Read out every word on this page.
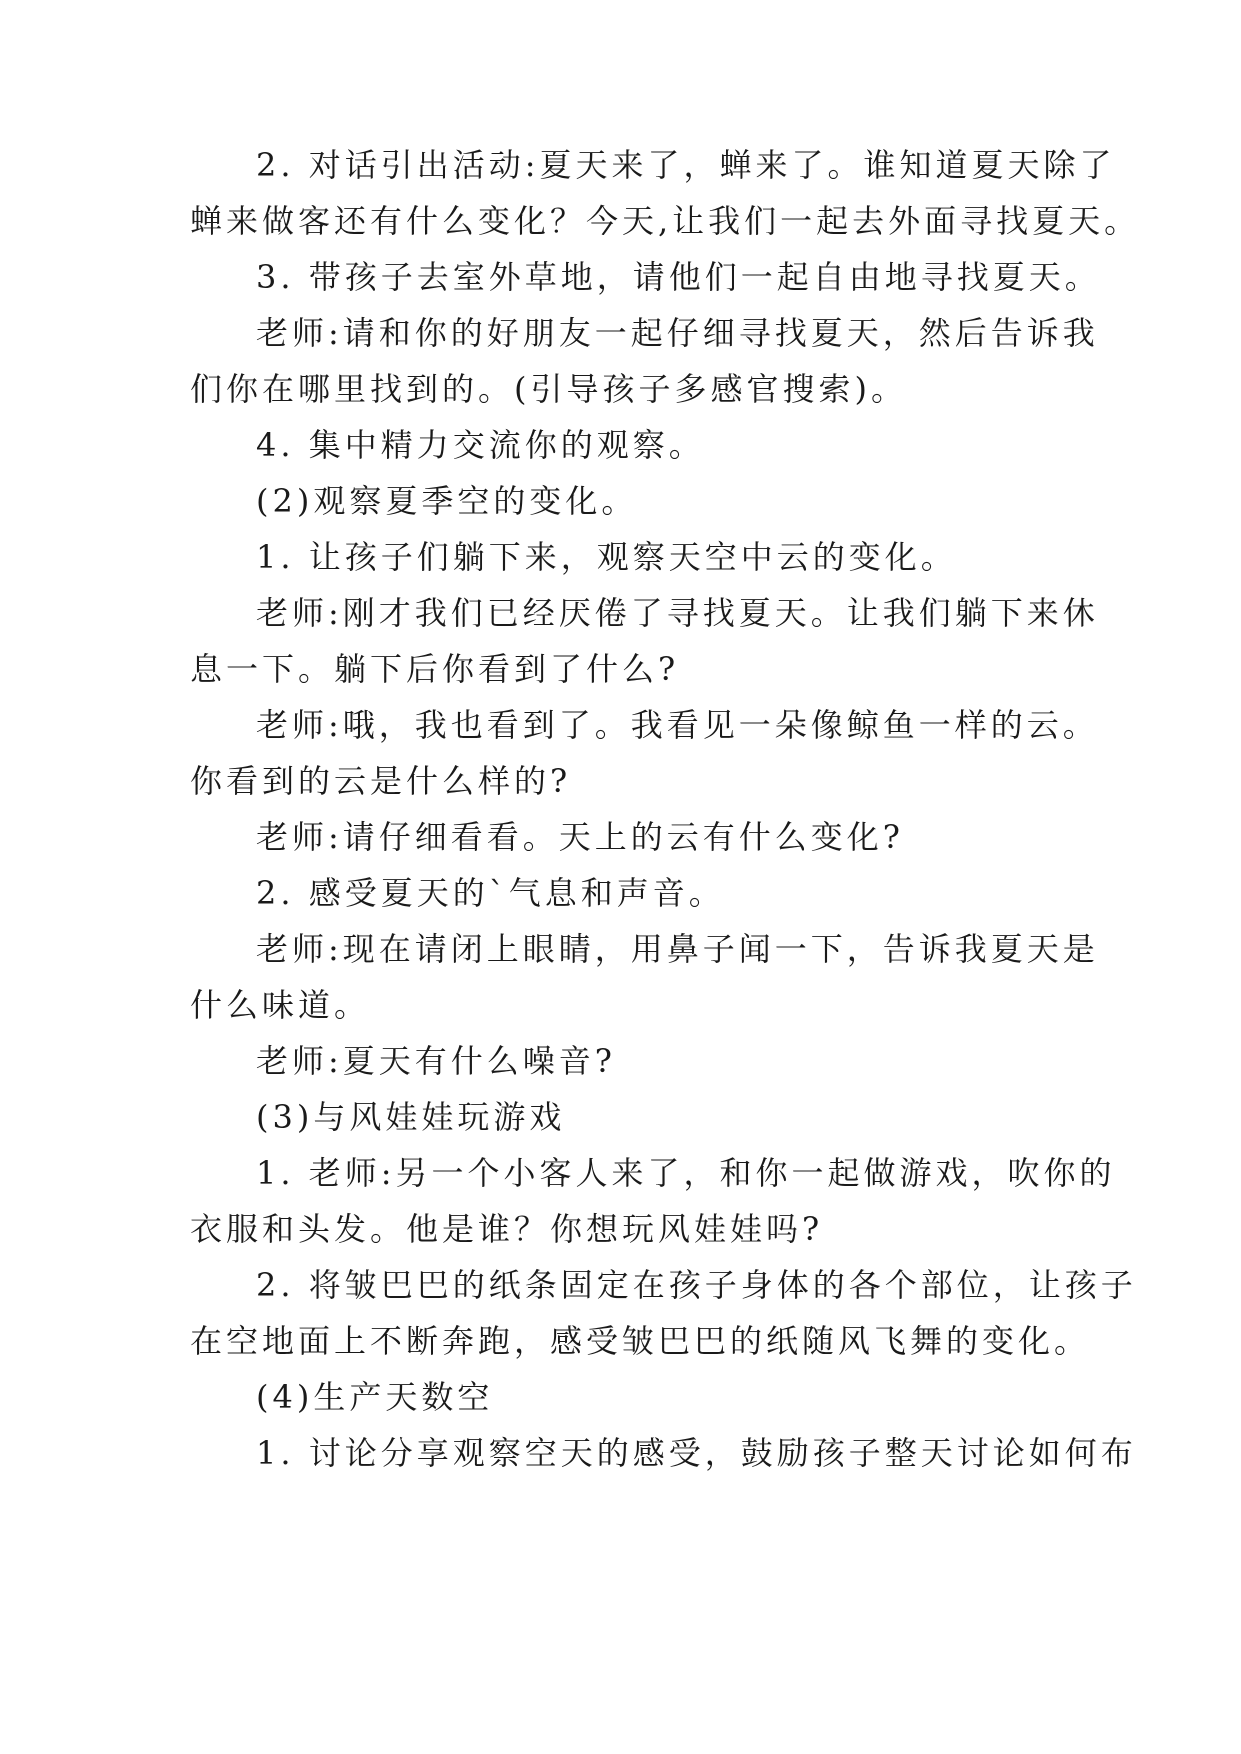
2. 对话引出活动:夏天来了，蝉来了。谁知道夏天除了
蝉来做客还有什么变化？今天,让我们一起去外面寻找夏天。
3. 带孩子去室外草地，请他们一起自由地寻找夏天。
老师:请和你的好朋友一起仔细寻找夏天，然后告诉我
们你在哪里找到的。(引导孩子多感官搜索)。
4. 集中精力交流你的观察。
(2)观察夏季空的变化。
1. 让孩子们躺下来，观察天空中云的变化。
老师:刚才我们已经厌倦了寻找夏天。让我们躺下来休
息一下。躺下后你看到了什么?
老师:哦，我也看到了。我看见一朵像鲸鱼一样的云。
你看到的云是什么样的?
老师:请仔细看看。天上的云有什么变化?
2. 感受夏天的`气息和声音。
老师:现在请闭上眼睛，用鼻子闻一下，告诉我夏天是
什么味道。
老师:夏天有什么噪音?
(3)与风娃娃玩游戏
1. 老师:另一个小客人来了，和你一起做游戏，吹你的
衣服和头发。他是谁？你想玩风娃娃吗?
2. 将皱巴巴的纸条固定在孩子身体的各个部位，让孩子
在空地面上不断奔跑，感受皱巴巴的纸随风飞舞的变化。
(4)生产天数空
1. 讨论分享观察空天的感受，鼓励孩子整天讨论如何布
